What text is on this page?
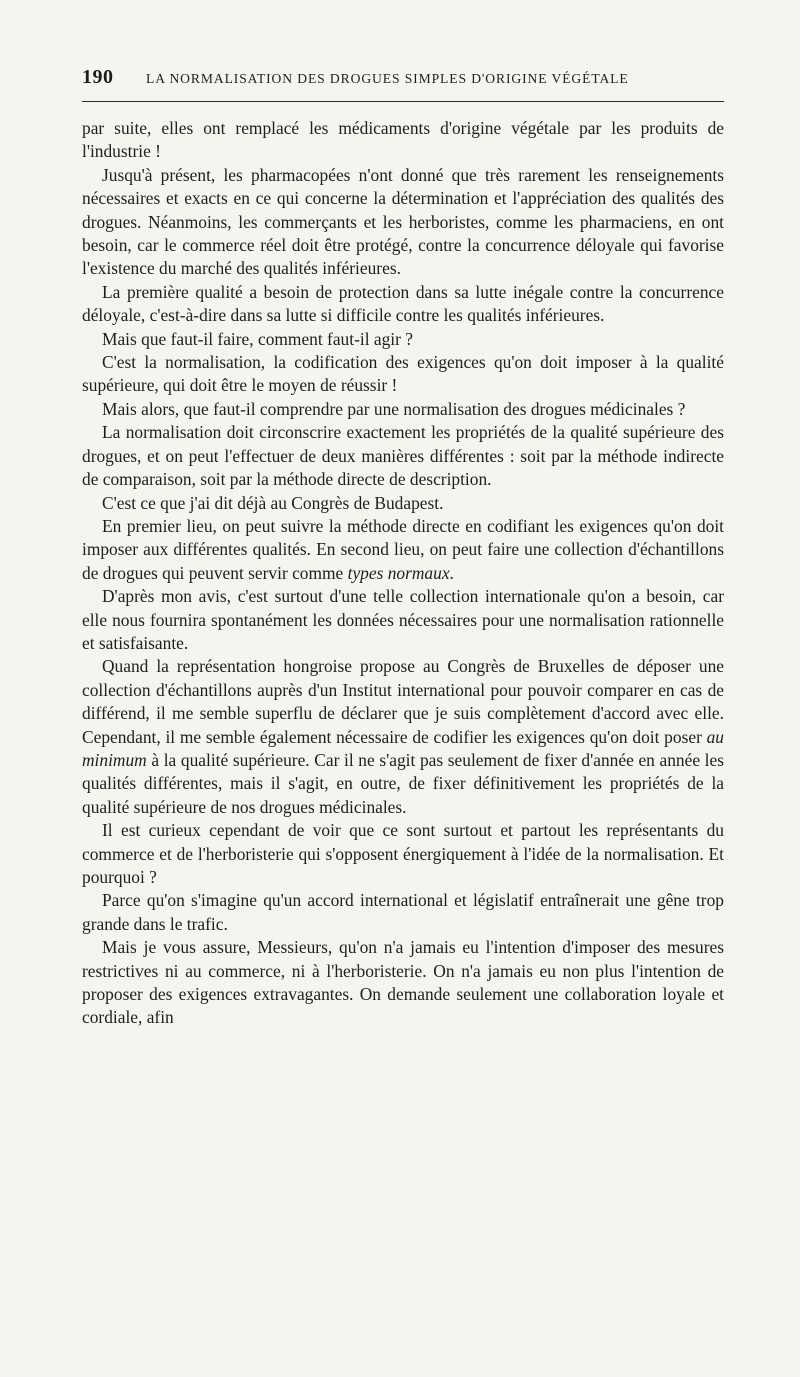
190 LA NORMALISATION DES DROGUES SIMPLES D'ORIGINE VÉGÉTALE

par suite, elles ont remplacé les médicaments d'origine végétale par les produits de l'industrie !

Jusqu'à présent, les pharmacopées n'ont donné que très rarement les renseignements nécessaires et exacts en ce qui concerne la détermination et l'appréciation des qualités des drogues. Néanmoins, les commerçants et les herboristes, comme les pharmaciens, en ont besoin, car le commerce réel doit être protégé, contre la concurrence déloyale qui favorise l'existence du marché des qualités inférieures.

La première qualité a besoin de protection dans sa lutte inégale contre la concurrence déloyale, c'est-à-dire dans sa lutte si difficile contre les qualités inférieures.

Mais que faut-il faire, comment faut-il agir ?

C'est la normalisation, la codification des exigences qu'on doit imposer à la qualité supérieure, qui doit être le moyen de réussir !

Mais alors, que faut-il comprendre par une normalisation des drogues médicinales ?

La normalisation doit circonscrire exactement les propriétés de la qualité supérieure des drogues, et on peut l'effectuer de deux manières différentes : soit par la méthode indirecte de comparaison, soit par la méthode directe de description.

C'est ce que j'ai dit déjà au Congrès de Budapest.

En premier lieu, on peut suivre la méthode directe en codifiant les exigences qu'on doit imposer aux différentes qualités. En second lieu, on peut faire une collection d'échantillons de drogues qui peuvent servir comme types normaux.

D'après mon avis, c'est surtout d'une telle collection internationale qu'on a besoin, car elle nous fournira spontanément les données nécessaires pour une normalisation rationnelle et satisfaisante.

Quand la représentation hongroise propose au Congrès de Bruxelles de déposer une collection d'échantillons auprès d'un Institut international pour pouvoir comparer en cas de différend, il me semble superflu de déclarer que je suis complètement d'accord avec elle. Cependant, il me semble également nécessaire de codifier les exigences qu'on doit poser au minimum à la qualité supérieure. Car il ne s'agit pas seulement de fixer d'année en année les qualités différentes, mais il s'agit, en outre, de fixer définitivement les propriétés de la qualité supérieure de nos drogues médicinales.

Il est curieux cependant de voir que ce sont surtout et partout les représentants du commerce et de l'herboristerie qui s'opposent énergiquement à l'idée de la normalisation. Et pourquoi ?

Parce qu'on s'imagine qu'un accord international et législatif entraînerait une gêne trop grande dans le trafic.

Mais je vous assure, Messieurs, qu'on n'a jamais eu l'intention d'imposer des mesures restrictives ni au commerce, ni à l'herboristerie. On n'a jamais eu non plus l'intention de proposer des exigences extravagantes. On demande seulement une collaboration loyale et cordiale, afin
